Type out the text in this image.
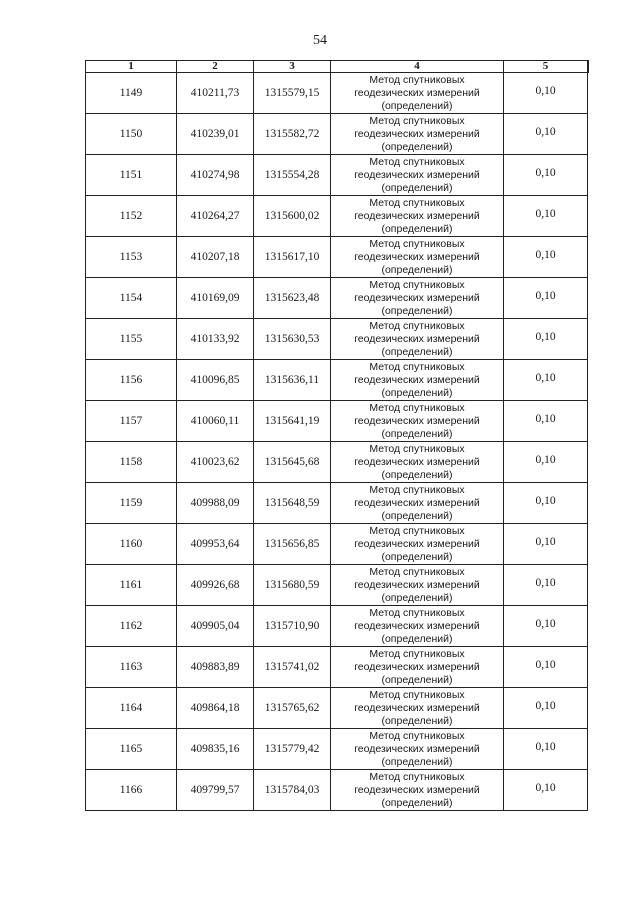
54
1	2	3	4	5
1149	410211,73	1315579,15	Метод спутниковых
геодезических измерений
(определений)	0,10
1150	410239,01	1315582,72	Метод спутниковых
геодезических измерений
(определений)	0,10
1151	410274,98	1315554,28	Метод спутниковых
геодезических измерений
(определений)	0,10
1152	410264,27	1315600,02	Метод спутниковых
геодезических измерений
(определений)	0,10
1153	410207,18	1315617,10	Метод спутниковых
геодезических измерений
(определений)	0,10
1154	410169,09	1315623,48	Метод спутниковых
геодезических измерений
(определений)	0,10
1155	410133,92	1315630,53	Метод спутниковых
геодезических измерений
(определений)	0,10
1156	410096,85	1315636,11	Метод спутниковых
геодезических измерений
(определений)	0,10
1157	410060,11	1315641,19	Метод спутниковых
геодезических измерений
(определений)	0,10
1158	410023,62	1315645,68	Метод спутниковых
геодезических измерений
(определений)	0,10
1159	409988,09	1315648,59	Метод спутниковых
геодезических измерений
(определений)	0,10
1160	409953,64	1315656,85	Метод спутниковых
геодезических измерений
(определений)	0,10
1161	409926,68	1315680,59	Метод спутниковых
геодезических измерений
(определений)	0,10
1162	409905,04	1315710,90	Метод спутниковых
геодезических измерений
(определений)	0,10
1163	409883,89	1315741,02	Метод спутниковых
геодезических измерений
(определений)	0,10
1164	409864,18	1315765,62	Метод спутниковых
геодезических измерений
(определений)	0,10
1165	409835,16	1315779,42	Метод спутниковых
геодезических измерений
(определений)	0,10
1166	409799,57	1315784,03	Метод спутниковых
геодезических измерений
(определений)	0,10
